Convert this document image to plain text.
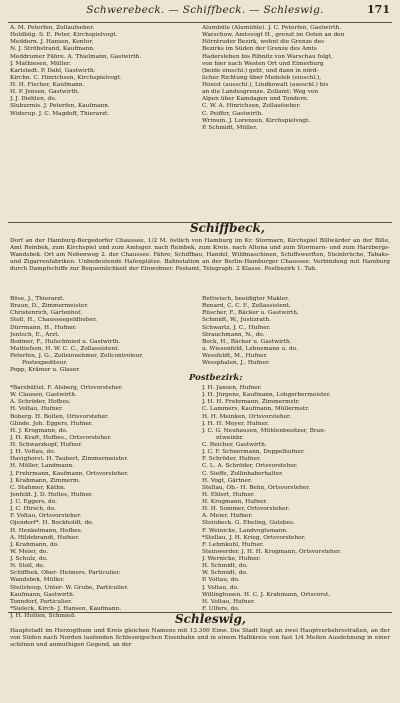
Schwerebeck. — Schiffbeck. — Schleswig.	171

A. M. Peterfen, Zollaufseher.

Holdbüg. S. E. Peter, Kirchspielvogt.

Meddorn. J. Hansen, Kontor.

N. J. Ströbstrand, Kaufmann.

Meddrumer Fähre. A. Thielmann, Gastwirth.

J. Mathiesen, Müller.

Karlstedt. P. Dahl, Gastwirth.

Kirchn. C. Hinrichsen, Kirchspielvogt.

H. H. Fischer, Kaufmann.

H. P. Jensen, Gastwirth.

J. J. Diehlen, do.

Sluburmis. J. Peterfen, Kaufmann.

Widerup. J. C. Magdoff, Thierarzt.

Alumbüle (Alumühle). J. C. Peterfen, Gastwirth.

Warschow. Amtsvogt H., grenzt im Osten an den

Hörntruder Bezirk, wohnt die Grenze des

Bezirks im Süden der Grenze des Amts

Hadersleben bis Ribnitz von Warschau folgt,

von hier nach Westen Ort und Eimerburg

(beide einschl.) geht, und dann in nörd-

licher Richtung über Medeleb (einschl.),

Hoeist (ausschl.), Lindkowalt (ausschl.) bis

an die Landesgrenze. Zollamt: Weg von

Alpen über Kamdagen und Tondern.

C. W. A. Hinrichsen, Zollaufseher.

C. Peiffer, Gastwirth.

Wrinum. J. Lorenzen, Kirchspielvogt.

P. Schmidt, Müller.

Schiffbeck,
Dorf an der Hamburg-Bergedorfer Chaussee, 1/2 M. östlich von Hamburg im Kr. Stormarn, Kirchspiel Billwärder an der Bille, Amt Reinbek, zum Kirchspiel und zum Amtsger. nach Reinbek, zum Kreis. nach Altona und zum Stormarn- und zum Harzbergs-Wandsbek. Ort am Nebenweg 2. der Chaussee. Fähre, Schiffbau, Handel, Wildmaschinen, Schiffswerften, Steinbrüche, Tabaks- und Zigarrenfabriken. Unbedeutende Hafenplätze. Bahnstation an der Berlin-Hamburger Chaussee. Verbindung mit Hamburg durch Dampfschiffe zur Bequemlichkeit der Einwohner. Postamt, Telegraph. 2 Klasse. Postbezirk 1. Tab.

Böse, J., Thierarzt.

Braun, D., Zimmermeister.

Christenrich, Gartenhof.

Stoll, H., Chausseegeldheber.

Dürrmann, H., Hufner.

Jentsch, E., Arzt.

Bodmer, F., Hufschmied u. Gastwirth.

Mattiefsen, H. W. C. C., Zollassistent.

Peterfen, J. G., Zolleinnehmer, Zollcontroleur,

Postexpediteur.

Popp, Krämer u. Glaser.

Rettwisch, beeidigter Makler.

Renard, C. C. F., Zollassistent.

Rüscher, F., Bäcker u. Gastwirth.

Schmidt, W., Justizrath.

Schwartz, J. C., Hufner.

Strauchmann, N., do.

Bock, H., Bäcker u. Gastwirth.

u. Wiesenfeld, Lehnsmann u. do.

Wessfeldt, M., Hufner.

Wessphalen, J., Hufner.

Postbezirk:

*Barsbüttel. F. Alsberg, Ortsvorsteher.

W. Clausen, Gastwirth.

A. Schröder, Hofbes.

H. Voltau, Hufner.

Boberg. H. Bolten, Ortsvorsteher.

Glinde. Joh. Eggers, Hufner.

H. J. Krogmann, do.

J. H. Kraft, Hofbes., Ortsvorsteher.

H. Schwarzkopf, Hufner.

J. H. Voltau, do.

Havighorst. H. Taubert, Zimmermeister.

H. Möller, Landmann.

J. Frehrmann, Kaufmann, Ortsvorsteher.

J. Krahmann, Zimmerm.

C. Stahmer, Käthn.

Jenfeld. J. D. Holtes, Hufner.

J. C. Eggers, do.

J. C. Hirsch, do.

F. Voltau, Ortsvorsteher.

Ojendorf*. H. Bockholdt, do.

H. Henkelmann, Hofbes.

A. Hildebrandt, Hufner.

J. Krahmann, do.

W. Meier, do.

J. Schulz, do.

N. Stoll, do.

Schiffbek, Ober- Heimers. Particulier.

Wandsbek, Müller.

Steilshoop, Unter- W. Grube, Particulier.

Kaufmann, Gastwirth.

Tonndorf, Particulier.

*Sieleck, Kirch- J. Hansen, Kaufmann.

J. H. Hutten, Schmied.

J. H. Jansen, Hufner.

J. H. Jürgens, Kaufmann, Lohgerbermeister.

J. H. H. Frehrmann, Zimmermstr.

C. Lammers, Kaufmann, Müllermstr.

H. H. Meinken, Ortsvorsteher.

J. H. H. Meyer, Hufner.

J. C. G. Neuhausen, Mühlenbesitzer, Bran-

ntweinbr.

C. Reicher, Gastwirth.

J. C. F. Schnermann, Doppelhufner.

F. Schröder, Hufner.

C. L. A. Schröder, Ortsvorsteher.

C. Sieffe, Zollinhaberhalter.

H. Vogt, Gärtner.

Stellau, Ob.- H. Behn, Ortsvorsteher.

H. Ehlert, Hufner.

H. Krogmann, Hufner.

H. H. Sommer, Ortsvorsteher.

A. Meier, Hufner.

Steinbeck. G. Ebeling, Gutsbes.

F. Weinicke, Landvogtsmann.

*Stellau, J. H. Krieg, Ortsvorsteher.

F. Lehmkuhl, Hufner.

Steinwerder. J. H. H. Krogmann, Ortsvorsteher.

J. Wernicke, Hufner.

H. Schmidt, do.

W. Schmidt, do.

P. Voltau, do.

J. Voltau, do.

Willinghusen. H. C. J. Krahmann, Ortsvorst.

H. Voltau, Hufner.

F. Ulfers, do.

Schleswig,
Hauptstadt im Herzogthum und Kreis gleichen Namens mit 13.300 Einw. Die Stadt liegt an zwei Hauptverkehrsstraßen, an der von Süden nach Norden laufenden Schleswigschen Eisenbahn und in einem Halbkreis von fast 1/4 Meilen Ausdehnung in einer schönen und anmuthigen Gegend, an der
